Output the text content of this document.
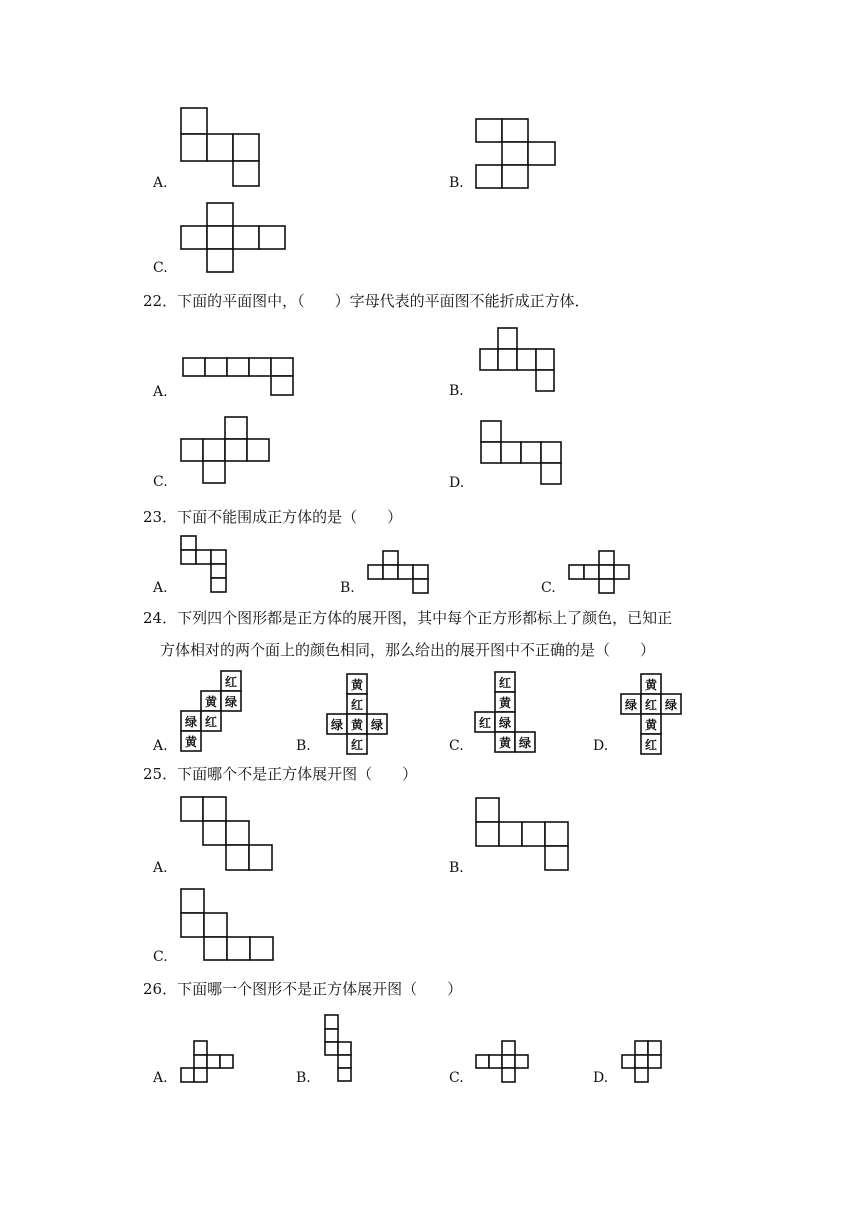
A.	B.
C.
22．下面的平面图中，（　　）字母代表的平面图不能折成正方体．
A.	B.
C.	D.
23．下面不能围成正方体的是（　　）
A.	B.	C.
24．下列四个图形都是正方体的展开图，其中每个正方形都标上了颜色，已知正
方体相对的两个面上的颜色相同，那么给出的展开图中不正确的是（　　）
红
黄 绿
绿 红
黄
A.
黄
红
绿 黄 绿
红
B.
红
黄
红 绿
黄 绿
C.
黄
绿 红 绿
黄
红
D.
25．下面哪个不是正方体展开图（　　）
A.	B.
C.
26．下面哪一个图形不是正方体展开图（　　）
A.	B.	C.	D.
